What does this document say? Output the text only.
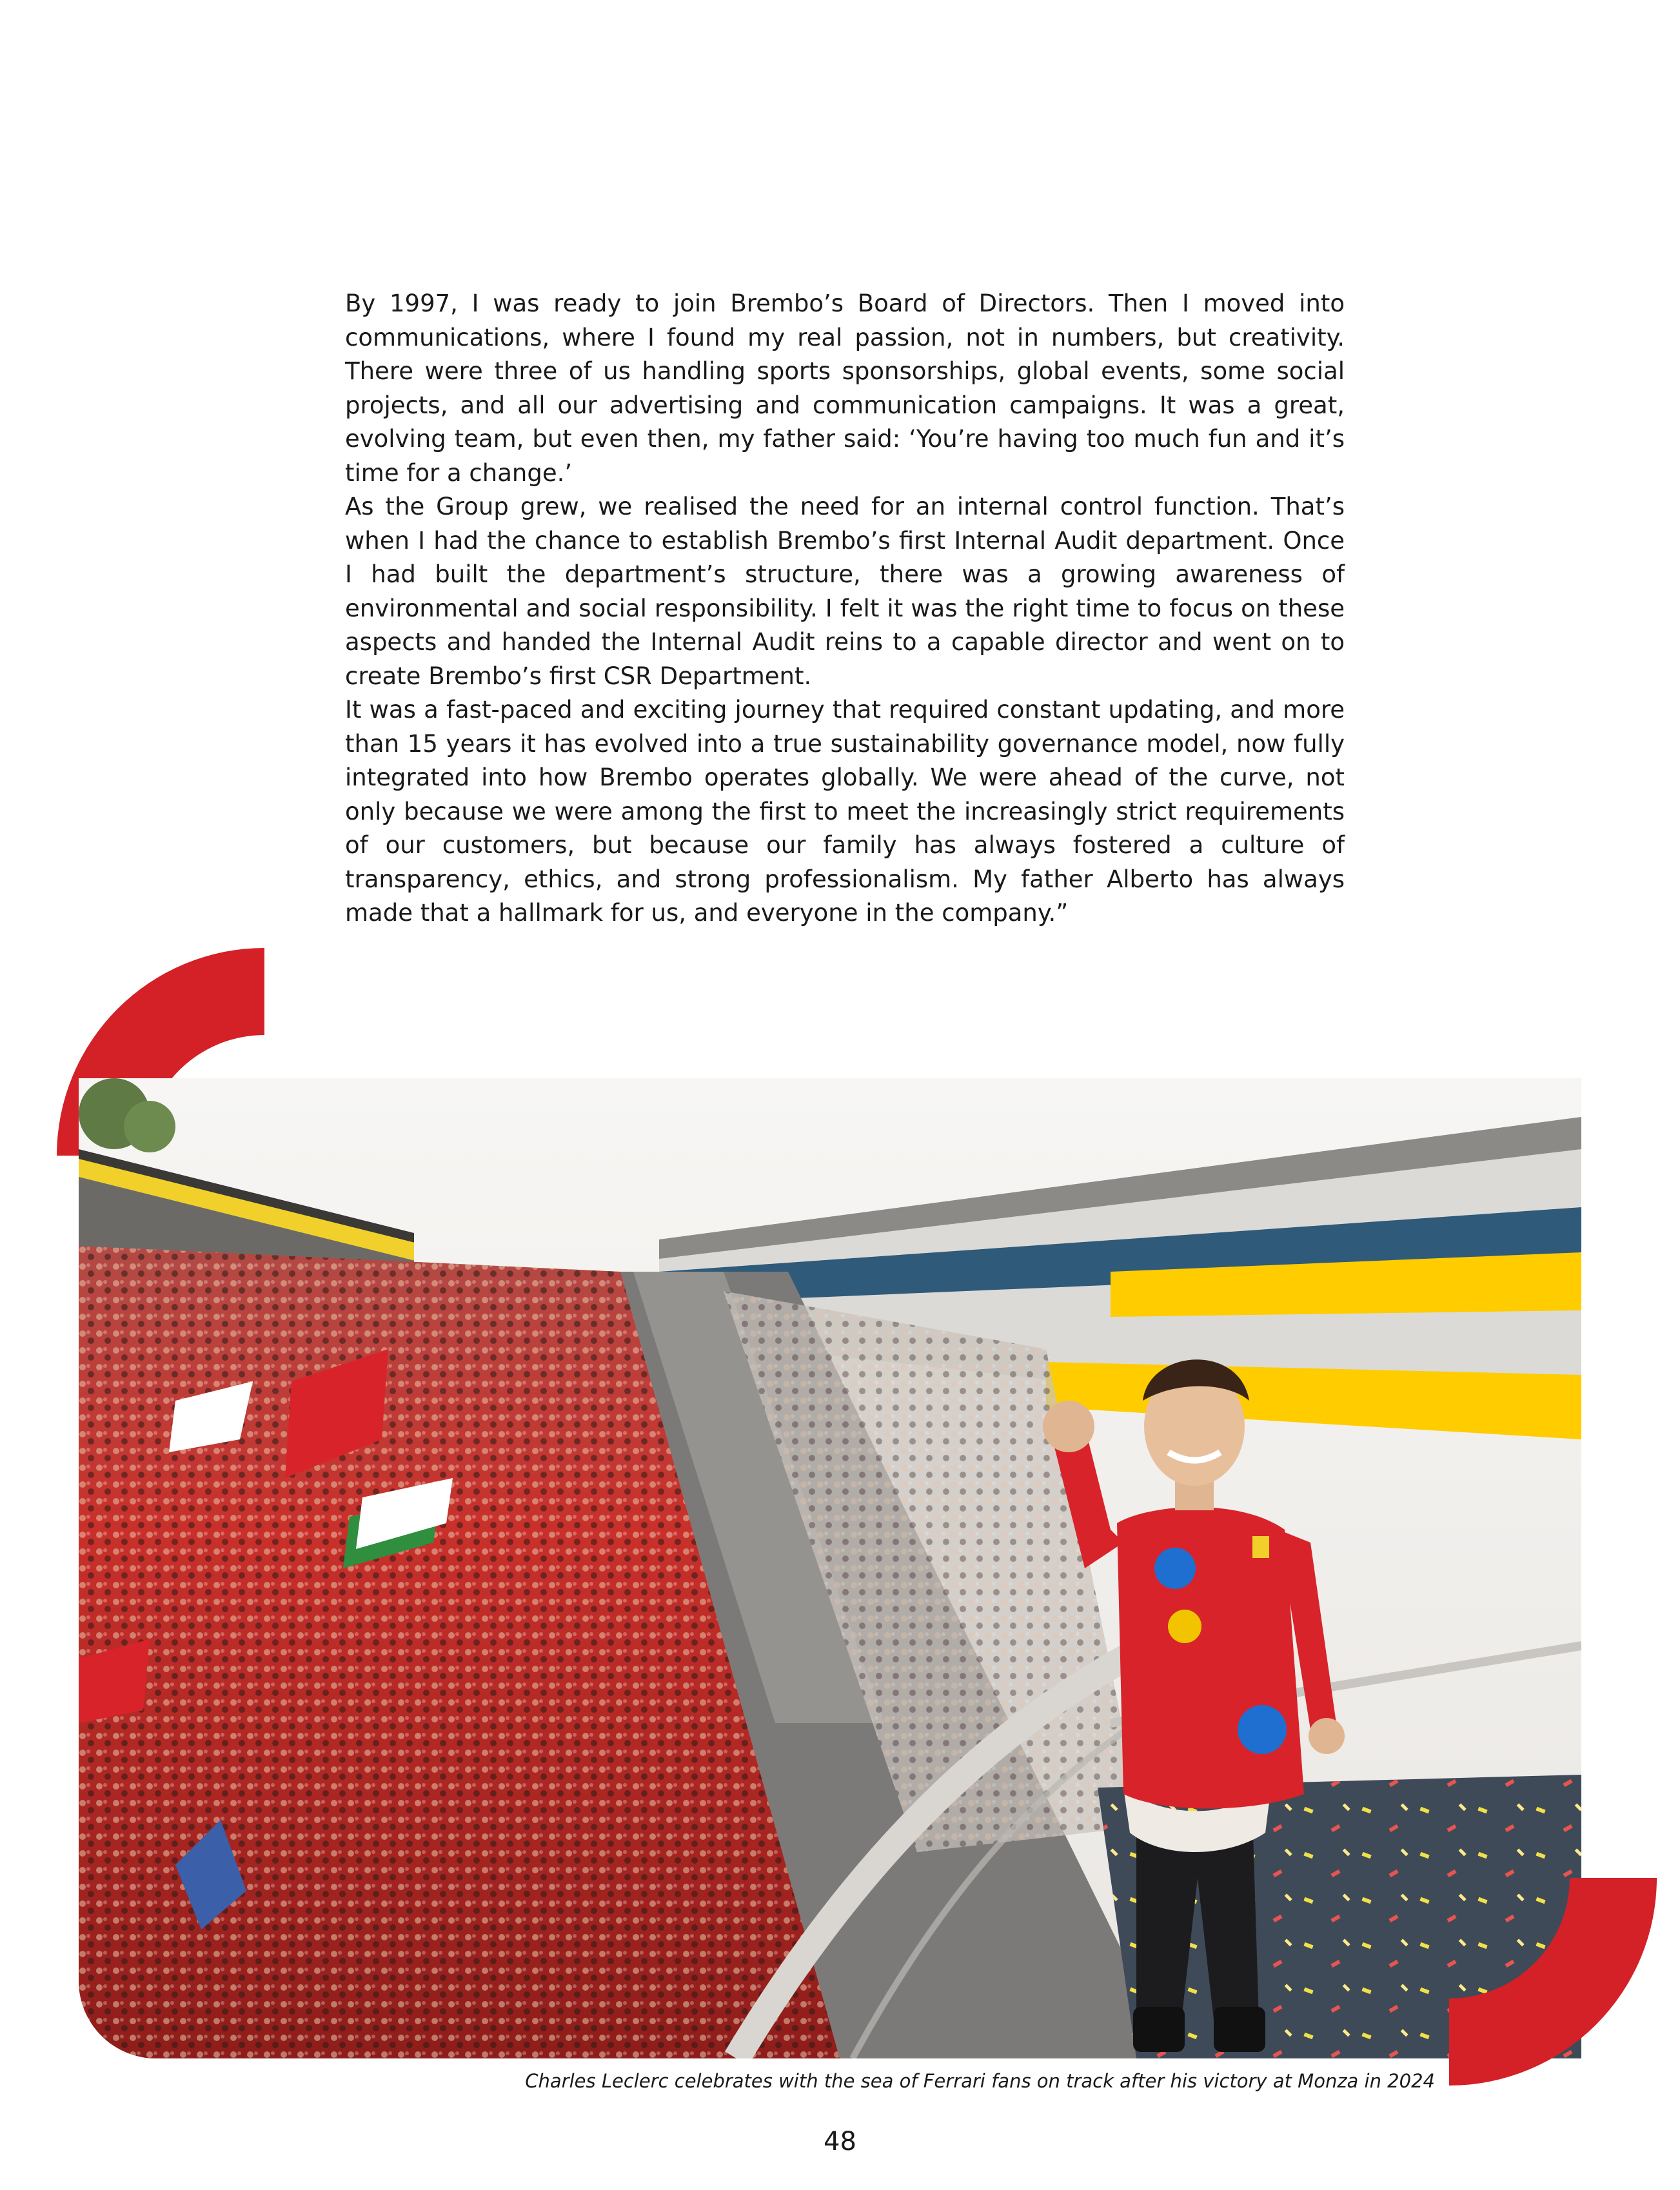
By 1997, I was ready to join Brembo’s Board of Directors. Then I moved into communications, where I found my real passion, not in numbers, but creativity. There were three of us handling sports sponsorships, global events, some social projects, and all our advertising and communication campaigns. It was a great, evolving team, but even then, my father said: ‘You’re having too much fun and it’s time for a change.’

As the Group grew, we realised the need for an internal control function. That’s when I had the chance to establish Brembo’s first Internal Audit department. Once I had built the department’s structure, there was a growing awareness of environmental and social responsibility. I felt it was the right time to focus on these aspects and handed the Internal Audit reins to a capable director and went on to create Brembo’s first CSR Department.

It was a fast-paced and exciting journey that required constant updating, and more than 15 years it has evolved into a true sustainability governance model, now fully integrated into how Brembo operates globally. We were ahead of the curve, not only because we were among the first to meet the increasingly strict requirements of our customers, but because our family has always fostered a culture of transparency, ethics, and strong professionalism. My father Alberto has always made that a hallmark for us, and everyone in the company.”

Charles Leclerc celebrates with the sea of Ferrari fans on track after his victory at Monza in 2024
48
